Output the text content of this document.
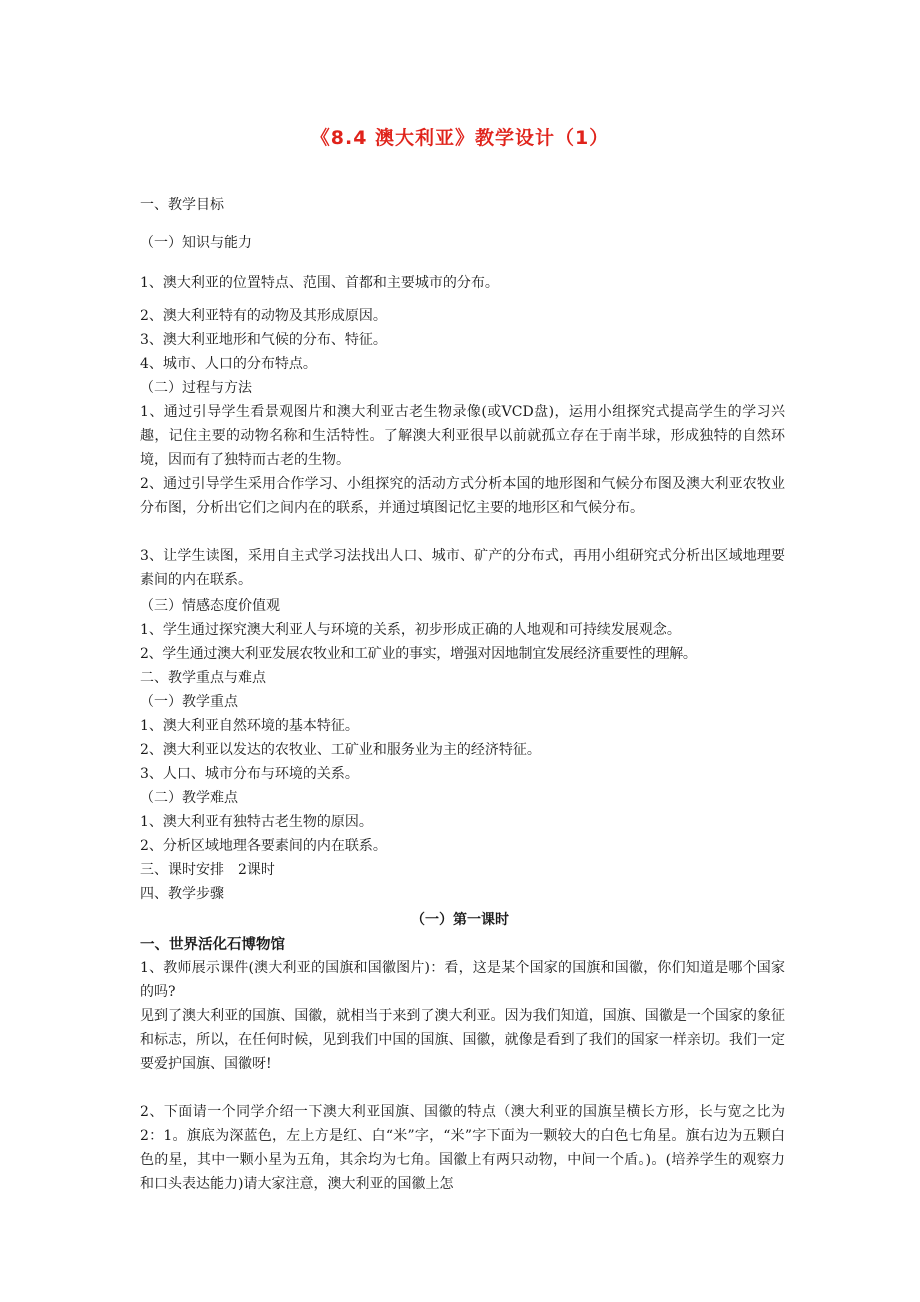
《8.4 澳大利亚》教学设计（1）
一、教学目标
（一）知识与能力
1、澳大利亚的位置特点、范围、首都和主要城市的分布。
2、澳大利亚特有的动物及其形成原因。
3、澳大利亚地形和气候的分布、特征。
4、城市、人口的分布特点。
（二）过程与方法
1、通过引导学生看景观图片和澳大利亚古老生物录像(或VCD盘)，运用小组探究式提高学生的学习兴趣，记住主要的动物名称和生活特性。了解澳大利亚很早以前就孤立存在于南半球，形成独特的自然环境，因而有了独特而古老的生物。
2、通过引导学生采用合作学习、小组探究的活动方式分析本国的地形图和气候分布图及澳大利亚农牧业分布图，分析出它们之间内在的联系，并通过填图记忆主要的地形区和气候分布。
3、让学生读图，采用自主式学习法找出人口、城市、矿产的分布式，再用小组研究式分析出区域地理要素间的内在联系。
（三）情感态度价值观
1、学生通过探究澳大利亚人与环境的关系，初步形成正确的人地观和可持续发展观念。
2、学生通过澳大利亚发展农牧业和工矿业的事实，增强对因地制宜发展经济重要性的理解。
二、教学重点与难点
（一）教学重点
1、澳大利亚自然环境的基本特征。
2、澳大利亚以发达的农牧业、工矿业和服务业为主的经济特征。
3、人口、城市分布与环境的关系。
（二）教学难点
1、澳大利亚有独特古老生物的原因。
2、分析区域地理各要素间的内在联系。
三、课时安排　2课时
四、教学步骤
（一）第一课时
一、世界活化石博物馆
1、教师展示课件(澳大利亚的国旗和国徽图片)：看，这是某个国家的国旗和国徽，你们知道是哪个国家的吗?
见到了澳大利亚的国旗、国徽，就相当于来到了澳大利亚。因为我们知道，国旗、国徽是一个国家的象征和标志，所以，在任何时候，见到我们中国的国旗、国徽，就像是看到了我们的国家一样亲切。我们一定要爱护国旗、国徽呀!
2、下面请一个同学介绍一下澳大利亚国旗、国徽的特点（澳大利亚的国旗呈横长方形，长与宽之比为2：1。旗底为深蓝色，左上方是红、白“米”字，“米”字下面为一颗较大的白色七角星。旗右边为五颗白色的星，其中一颗小星为五角，其余均为七角。国徽上有两只动物，中间一个盾。)。(培养学生的观察力和口头表达能力)请大家注意，澳大利亚的国徽上怎
